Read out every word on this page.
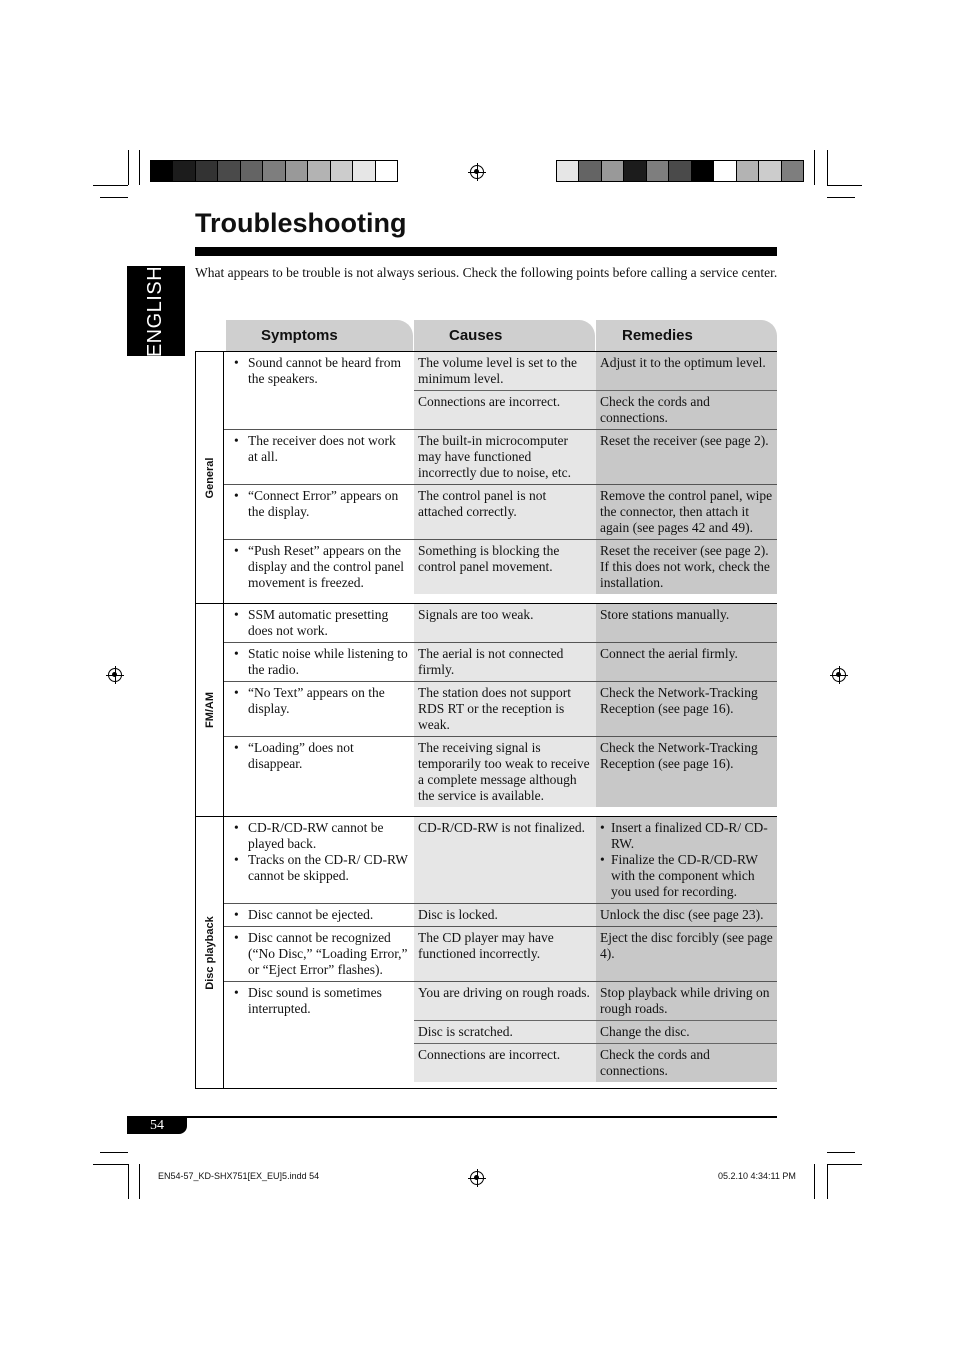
ENGLISH
Troubleshooting
What appears to be trouble is not always serious. Check the following points before calling a service center.
Symptoms	Causes	Remedies
General
• Sound cannot be heard from the speakers.
The volume level is set to the minimum level.
Adjust it to the optimum level.
Connections are incorrect.	Check the cords and connections.
• The receiver does not work at all.
The built-in microcomputer may have functioned incorrectly due to noise, etc.
Reset the receiver (see page 2).
• “Connect Error” appears on the display.
The control panel is not attached correctly.
Remove the control panel, wipe the connector, then attach it again (see pages 42 and 49).
• “Push Reset” appears on the display and the control panel movement is freezed.
Something is blocking the control panel movement.
Reset the receiver (see page 2). If this does not work, check the installation.
FM/AM
• SSM automatic presetting does not work.
Signals are too weak.	Store stations manually.
• Static noise while listening to the radio.
The aerial is not connected firmly.
Connect the aerial firmly.
• “No Text” appears on the display.
The station does not support RDS RT or the reception is weak.
Check the Network-Tracking Reception (see page 16).
• “Loading” does not disappear.
The receiving signal is temporarily too weak to receive a complete message although the service is available.
Check the Network-Tracking Reception (see page 16).
Disc playback
• CD-R/CD-RW cannot be played back.
• Tracks on the CD-R/ CD-RW cannot be skipped.
CD-R/CD-RW is not finalized.
•	Insert a finalized CD-R/ CD-RW.
• Finalize the CD-R/CD-RW with the component which you used for recording.
• Disc cannot be ejected.	Disc is locked.	Unlock the disc (see page 23).
• Disc cannot be recognized (“No Disc,” “Loading Error,” or “Eject Error” flashes).
The CD player may have functioned incorrectly.
Eject the disc forcibly (see page 4).
• Disc sound is sometimes interrupted.
You are driving on rough roads. Stop playback while driving on rough roads.
Disc is scratched.	Change the disc.
Connections are incorrect.	Check the cords and connections.
54
EN54-57_KD-SHX751[EX_EU]5.indd 54	05.2.10 4:34:11 PM
